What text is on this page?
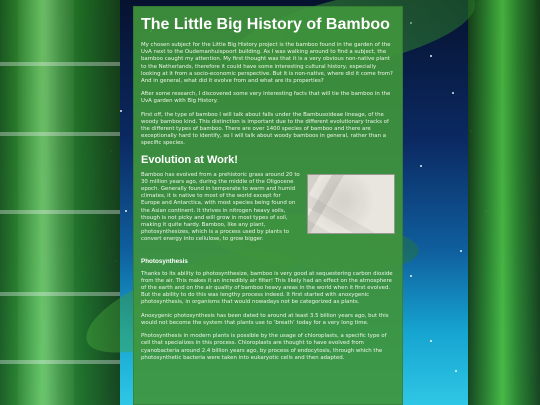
The Little Big History of Bamboo

My chosen subject for the Little Big History project is the bamboo found in the garden of the UvA next to the Oudemanhuispoort building. As I was walking around to find a subject, the bamboo caught my attention. My first thought was that it is a very obvious non-native plant to the Netherlands, therefore it could have some interesting cultural history, especially looking at it from a socio-economic perspective. But it is non-native, where did it come from? And in general, what did it evolve from and what are its properties?

After some research, I discovered some very interesting facts that will tie the bamboo in the UvA garden with Big History.

First off, the type of bamboo I will talk about falls under the Bambusoideae lineage, of the woody bamboo kind. This distinction is important due to the different evolutionary tracks of the different types of bamboo. There are over 1400 species of bamboo and there are exceptionally hard to identify, so I will talk about woody bamboos in general, rather than a specific species.

Evolution at Work!

Bamboo has evolved from a prehistoric grass around 20 to 30 million years ago, during the middle of the Oligocene epoch. Generally found in temperate to warm and humid climates, it is native to most of the world except for Europe and Antarctica, with most species being found on the Asian continent. It thrives in nitrogen heavy soils, though is not picky and will grow in most types of soil, making it quite hardy. Bamboo, like any plant, photosynthesizes, which is a process used by plants to convert energy into cellulose, to grow bigger.

Photosynthesis

Thanks to its ability to photosynthesize, bamboo is very good at sequestering carbon dioxide from the air. This makes it an incredibly air filter! This likely had an effect on the atmosphere of the earth and on the air quality of bamboo heavy areas in the world when it first evolved. But the ability to do this was lengthy process indeed. It first started with anoxygenic photosynthesis, in organisms that would nowadays not be categorized as plants.

Anoxygenic photosynthesis has been dated to around at least 3.5 billion years ago, but this would not become the system that plants use to ‘breath’ today for a very long time.

Photosynthesis in modern plants is possible by the usage of chloroplasts, a specific type of cell that specializes in this process. Chloroplasts are thought to have evolved from cyanobacteria around 2.4 billion years ago, by process of endocytosis, through which the photosynthetic bacteria were taken into eukaryotic cells and then adapted.
